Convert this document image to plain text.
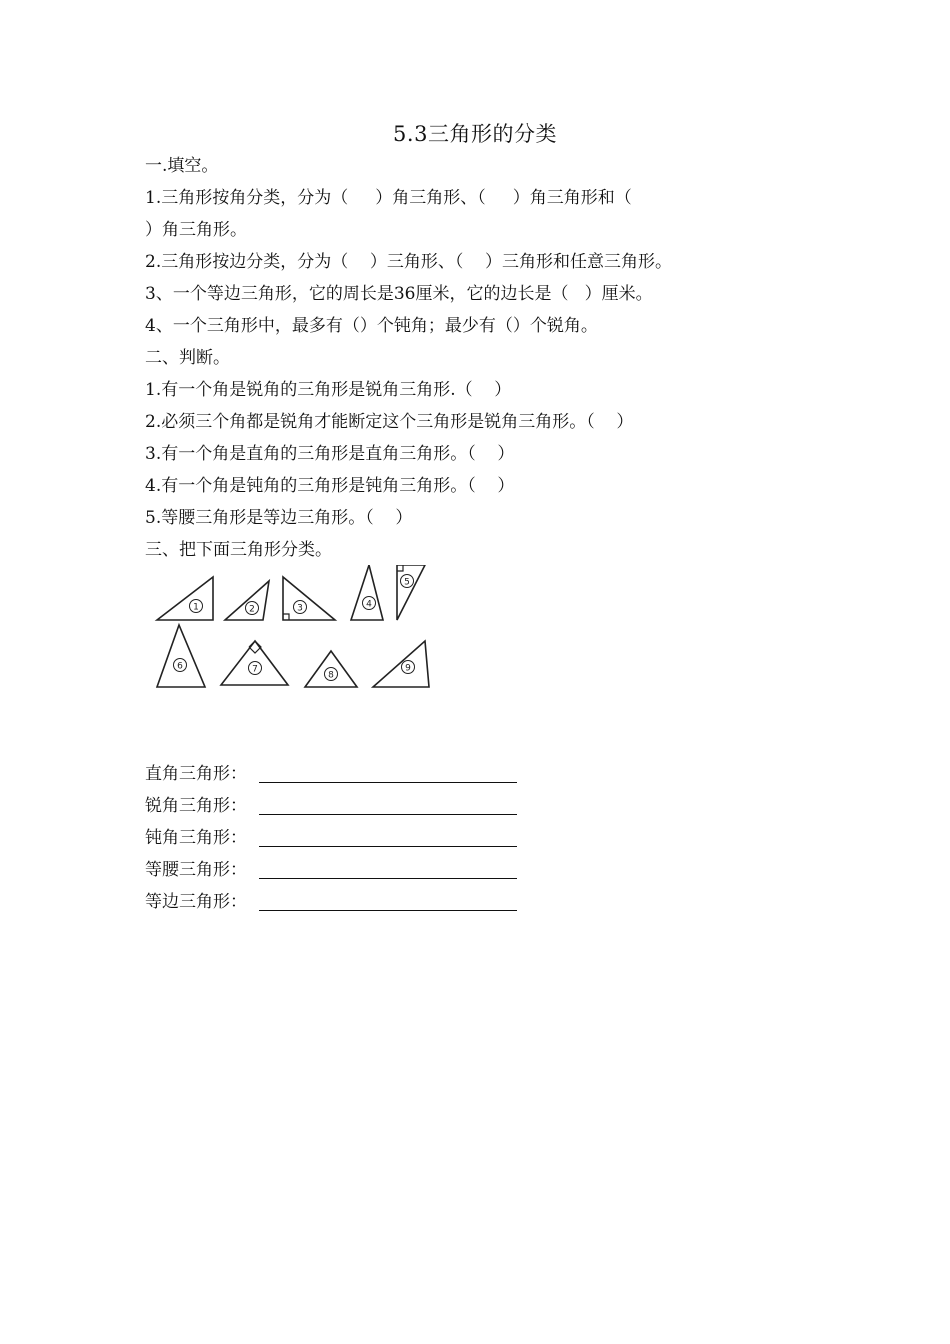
5.3三角形的分类
一.填空。
1.三角形按角分类，分为（     ）角三角形、（     ）角三角形和（
）角三角形。
2.三角形按边分类，分为（    ）三角形、（    ）三角形和任意三角形。
3、一个等边三角形，它的周长是36厘米，它的边长是（   ）厘米。
4、一个三角形中，最多有（）个钝角；最少有（）个锐角。
二、判断。
1.有一个角是锐角的三角形是锐角三角形.（    ）
2.必须三个角都是锐角才能断定这个三角形是锐角三角形。（    ）
3.有一个角是直角的三角形是直角三角形。（    ）
4.有一个角是钝角的三角形是钝角三角形。（    ）
5.等腰三角形是等边三角形。（    ）
三、把下面三角形分类。
1	2	3	4
5
6	7
8
9
直角三角形：
锐角三角形：
钝角三角形：
等腰三角形：
等边三角形：
